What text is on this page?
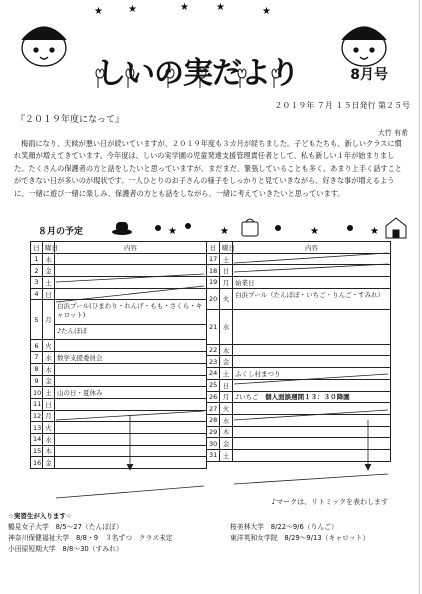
★	★	★	★	★
しいの実だより	8月号
２０１９年 ７月 １５日発行 第２５号
『２０１９年度になって』
大竹 有希
梅雨になり、天候が悪い日が続いていますが、２０１９年度も３カ月が経ちました。子どもたちも、新しいクラスに慣れ笑顔が増えてきています。今年度は、しいの実学園の児童発達支援管理責任者として、私も新しい１年が始まりました。たくさんの保護者の方と話をしたいと思っていますが、まだまだ、緊張していることも多く、あまり上手く話すことができない日が多いのが現状です。一人ひとりのお子さんの様子をしっかりと見ていきながら、好きな事が増えるように、一緒に遊び一緒に楽しみ、保護者の方とも話をしながら、一緒に考えていきたいと思っています。
８月の予定	★	★	★	★
日	曜日	内容
1	木	
2	金	
3	土	
4	日	
5	月	白浜プール(ひまわり・れんげ・もも・さくら・キャロット)
		♪たんぽぽ
6	火	
7	水	数学支援委員会
8	木	
9	金	
10	土	山の日・夏休み
11	日	
12	月	
13	火	
14	水	
15	木	
16	金	
日	曜日	内容
17	土	
18	日	
19	月	始業日
20	火	白浜プール（たんぽぽ・いちご・りんご・すみれ）
21	水	
22	木	
23	金	
24	土	ふくし村まつり
25	日	
26	月	♪いちご　 個人面談週間１３：３０降園
27	火	
28	水	
29	木	
30	金	
31	土	
♪マークは、リトミックを表わします
☆実習生が入ります☆
鶴見女子大学　8/5～27（たんぽぽ）	桜美林大学　8/22～9/6（りんご）
神奈川保健福祉大学　8/8・9　３名ずつ　クラス未定	東洋英和女学院　8/29～9/13（キャロット）
小田原短期大学　8/8～30（すみれ）
